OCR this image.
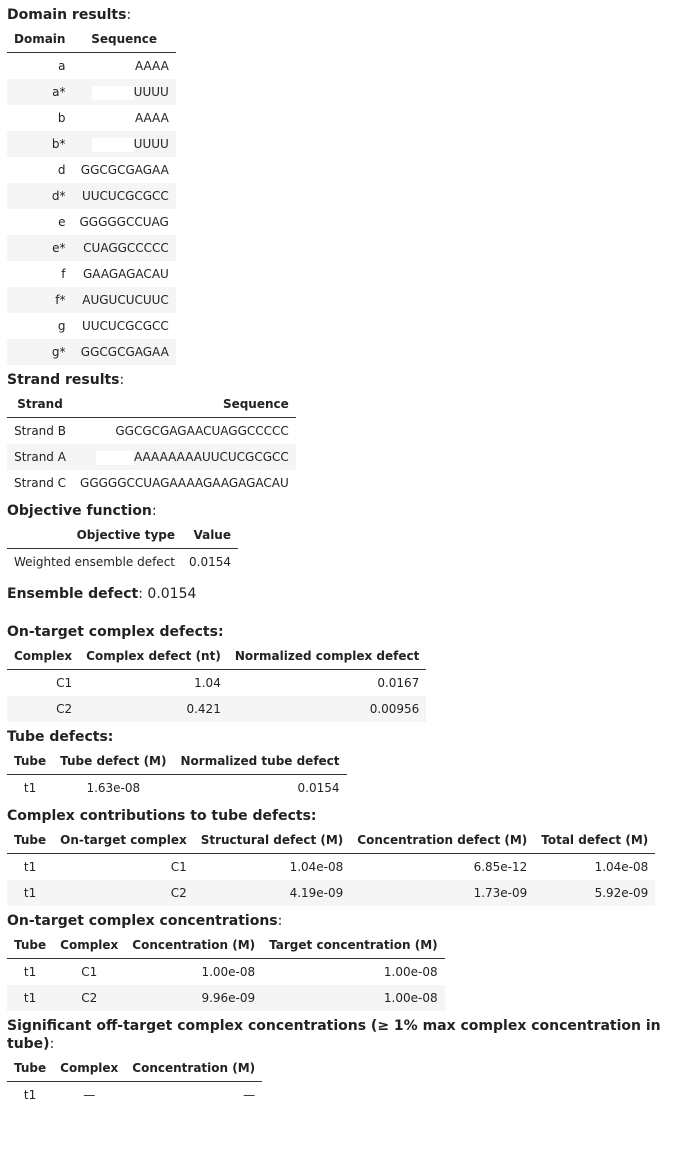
Domain results:

Domain	Sequence
a	AAAA
a*	UUUU
b	AAAA
b*	UUUU
d	GGCGCGAGAA
d*	UUCUCGCGCC
e	GGGGGCCUAG
e*	CUAGGCCCCC
f	GAAGAGACAU
f*	AUGUCUCUUC
g	UUCUCGCGCC
g*	GGCGCGAGAA

Strand results:

Strand	Sequence
Strand B	GGCGCGAGAACUAGGCCCCC
Strand A	AAAAAAAAUUCUCGCGCC
Strand C	GGGGGCCUAGAAAAGAAGAGACAU

Objective function:

Objective type	Value
Weighted ensemble defect	0.0154

Ensemble defect: 0.0154

On-target complex defects:

Complex	Complex defect (nt)	Normalized complex defect
C1	1.04	0.0167
C2	0.421	0.00956

Tube defects:

Tube	Tube defect (M)	Normalized tube defect
t1	1.63e-08	0.0154

Complex contributions to tube defects:

Tube	On-target complex	Structural defect (M)	Concentration defect (M)	Total defect (M)
t1	C1	1.04e-08	6.85e-12	1.04e-08
t1	C2	4.19e-09	1.73e-09	5.92e-09

On-target complex concentrations:

Tube	Complex	Concentration (M)	Target concentration (M)
t1	C1	1.00e-08	1.00e-08
t1	C2	9.96e-09	1.00e-08

Significant off-target complex concentrations (≥ 1% max complex concentration in tube):

Tube	Complex	Concentration (M)
t1	—	—
